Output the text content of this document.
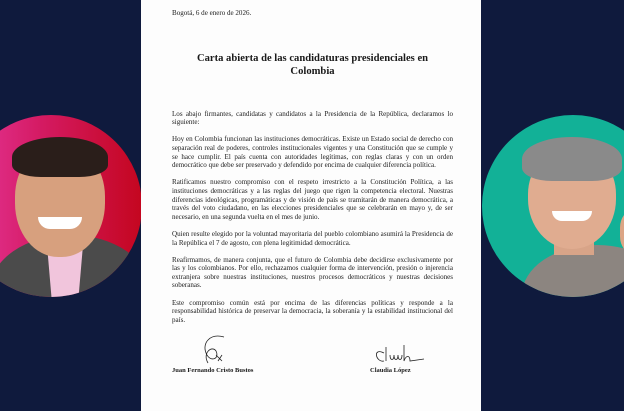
Bogotá, 6 de enero de 2026.
Carta abierta de las candidaturas presidenciales en Colombia

Los abajo firmantes, candidatas y candidatos a la Presidencia de la República, declaramos lo siguiente:

Hoy en Colombia funcionan las instituciones democráticas. Existe un Estado social de derecho con separación real de poderes, controles institucionales vigentes y una Constitución que se cumple y se hace cumplir. El país cuenta con autoridades legítimas, con reglas claras y con un orden democrático que debe ser preservado y defendido por encima de cualquier diferencia política.

Ratificamos nuestro compromiso con el respeto irrestricto a la Constitución Política, a las instituciones democráticas y a las reglas del juego que rigen la competencia electoral. Nuestras diferencias ideológicas, programáticas y de visión de país se tramitarán de manera democrática, a través del voto ciudadano, en las elecciones presidenciales que se celebrarán en mayo y, de ser necesario, en una segunda vuelta en el mes de junio.

Quien resulte elegido por la voluntad mayoritaria del pueblo colombiano asumirá la Presidencia de la República el 7 de agosto, con plena legitimidad democrática.

Reafirmamos, de manera conjunta, que el futuro de Colombia debe decidirse exclusivamente por las y los colombianos. Por ello, rechazamos cualquier forma de intervención, presión o injerencia extranjera sobre nuestras instituciones, nuestros procesos democráticos y nuestras decisiones soberanas.

Este compromiso común está por encima de las diferencias políticas y responde a la responsabilidad histórica de preservar la democracia, la soberanía y la estabilidad institucional del país.

Juan Fernando Cristo Bustos	Claudia López
